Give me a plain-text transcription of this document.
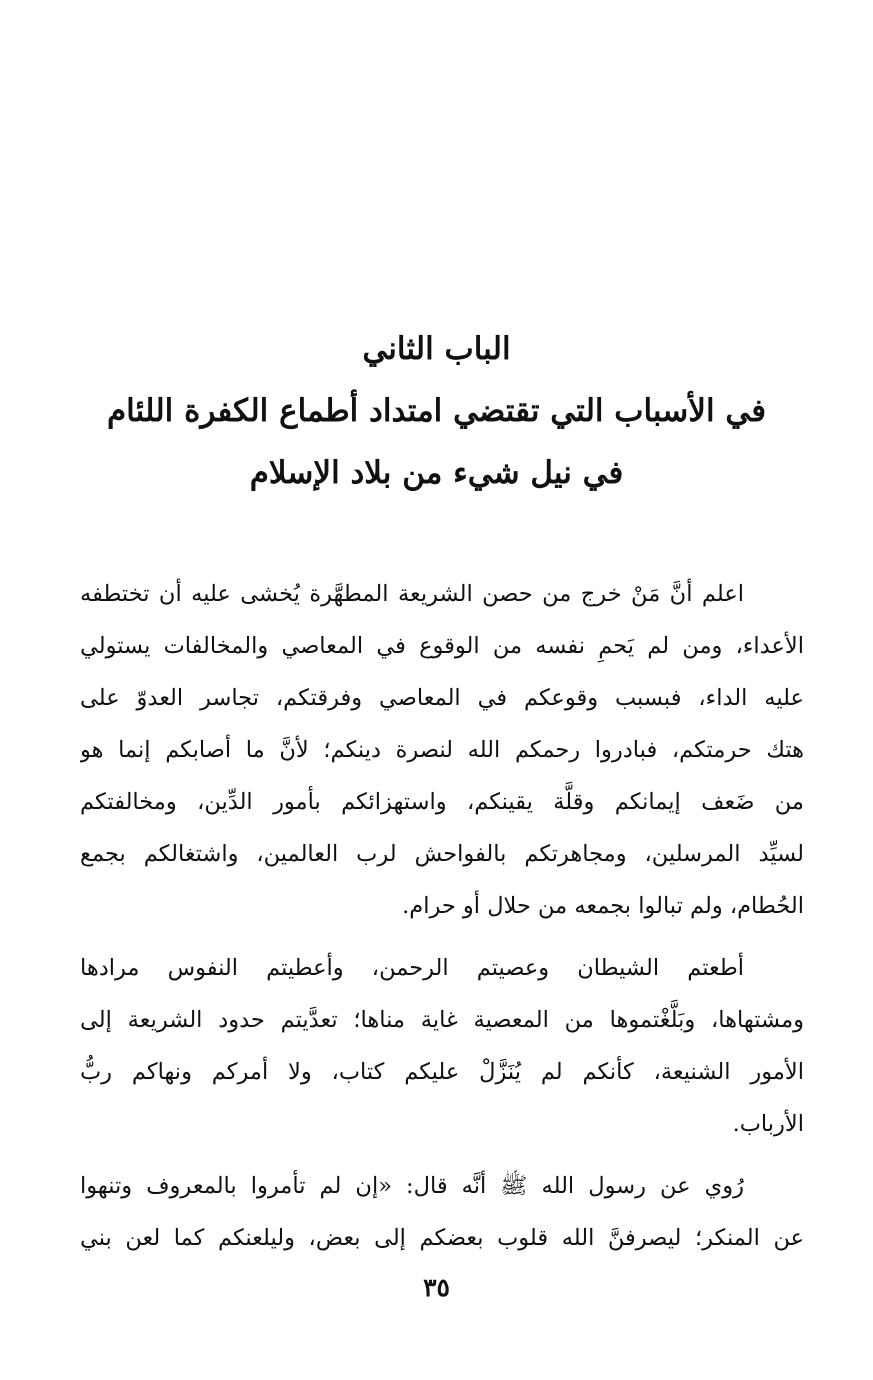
الباب الثاني
في الأسباب التي تقتضي امتداد أطماع الكفرة اللئام
في نيل شيء من بلاد الإسلام
اعلم أنَّ مَنْ خرج من حصن الشريعة المطهَّرة يُخشى عليه أن تختطفه
الأعداء، ومن لم يَحمِ نفسه من الوقوع في المعاصي والمخالفات يستولي
عليه الداء، فبسبب وقوعكم في المعاصي وفرقتكم، تجاسر العدوّ على
هتك حرمتكم، فبادروا رحمكم الله لنصرة دينكم؛ لأنَّ ما أصابكم إنما هو
من ضَعف إيمانكم وقلَّة يقينكم، واستهزائكم بأمور الدِّين، ومخالفتكم
لسيِّد المرسلين، ومجاهرتكم بالفواحش لرب العالمين، واشتغالكم بجمع
الحُطام، ولم تبالوا بجمعه من حلال أو حرام.
أطعتم الشيطان وعصيتم الرحمن، وأعطيتم النفوس مرادها
ومشتهاها، وبَلَّغْتموها من المعصية غاية مناها؛ تعدَّيتم حدود الشريعة إلى
الأمور الشنيعة، كأنكم لم يُنَزَّلْ عليكم كتاب، ولا أمركم ونهاكم ربُّ
الأرباب.
رُوي عن رسول الله ﷺ أنَّه قال: «إن لم تأمروا بالمعروف وتنهوا
عن المنكر؛ ليصرفنَّ الله قلوب بعضكم إلى بعض، وليلعنكم كما لعن بني
٣٥
